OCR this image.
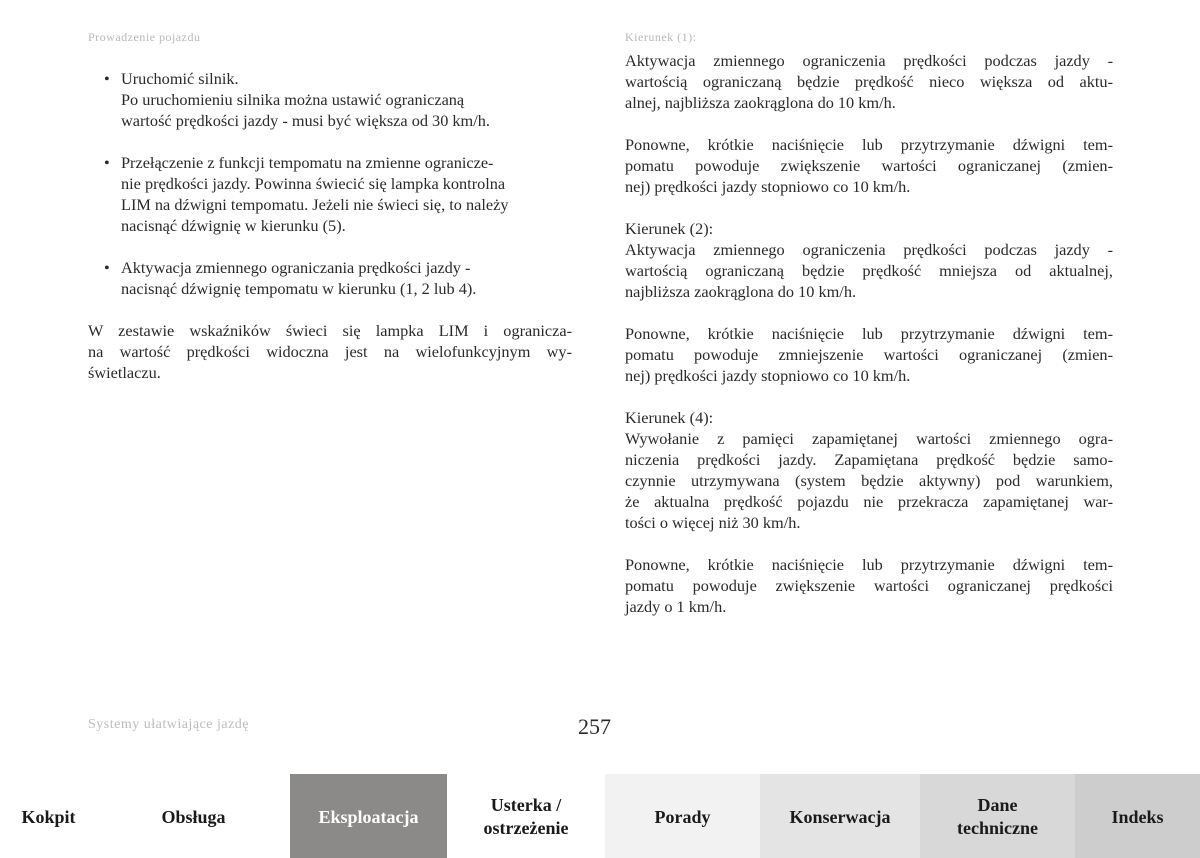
Prowadzenie pojazdu	Kierunek (1):
• Uruchomić silnik.
Po uruchomieniu silnika można ustawić ograniczaną
wartość prędkości jazdy - musi być większa od 30 km/h.
• Przełączenie z funkcji tempomatu na zmienne ogranicze-
nie prędkości jazdy. Powinna świecić się lampka kontrolna
LIM na dźwigni tempomatu. Jeżeli nie świeci się, to należy
nacisnąć dźwignię w kierunku (5).
• Aktywacja zmiennego ograniczania prędkości jazdy -
nacisnąć dźwignię tempomatu w kierunku (1, 2 lub 4).
W zestawie wskaźników świeci się lampka LIM i ogranicza-
na wartość prędkości widoczna jest na wielofunkcyjnym wy-
świetlaczu.
Aktywacja zmiennego ograniczenia prędkości podczas jazdy -
wartością ograniczaną będzie prędkość nieco większa od aktu-
alnej, najbliższa zaokrąglona do 10 km/h.
Ponowne, krótkie naciśnięcie lub przytrzymanie dźwigni tem-
pomatu powoduje zwiększenie wartości ograniczanej (zmien-
nej) prędkości jazdy stopniowo co 10 km/h.
Kierunek (2):
Aktywacja zmiennego ograniczenia prędkości podczas jazdy -
wartością ograniczaną będzie prędkość mniejsza od aktualnej,
najbliższa zaokrąglona do 10 km/h.
Ponowne, krótkie naciśnięcie lub przytrzymanie dźwigni tem-
pomatu powoduje zmniejszenie wartości ograniczanej (zmien-
nej) prędkości jazdy stopniowo co 10 km/h.
Kierunek (4):
Wywołanie z pamięci zapamiętanej wartości zmiennego ogra-
niczenia prędkości jazdy. Zapamiętana prędkość będzie samo-
czynnie utrzymywana (system będzie aktywny) pod warunkiem,
że aktualna prędkość pojazdu nie przekracza zapamiętanej war-
tości o więcej niż 30 km/h.
Ponowne, krótkie naciśnięcie lub przytrzymanie dźwigni tem-
pomatu powoduje zwiększenie wartości ograniczanej prędkości
jazdy o 1 km/h.
Systemy ułatwiające jazdę	257
Kokpit	Obsługa	Eksploatacja
Usterka /
ostrzeżenie
Porady	Konserwacja
Dane
techniczne
Indeks
